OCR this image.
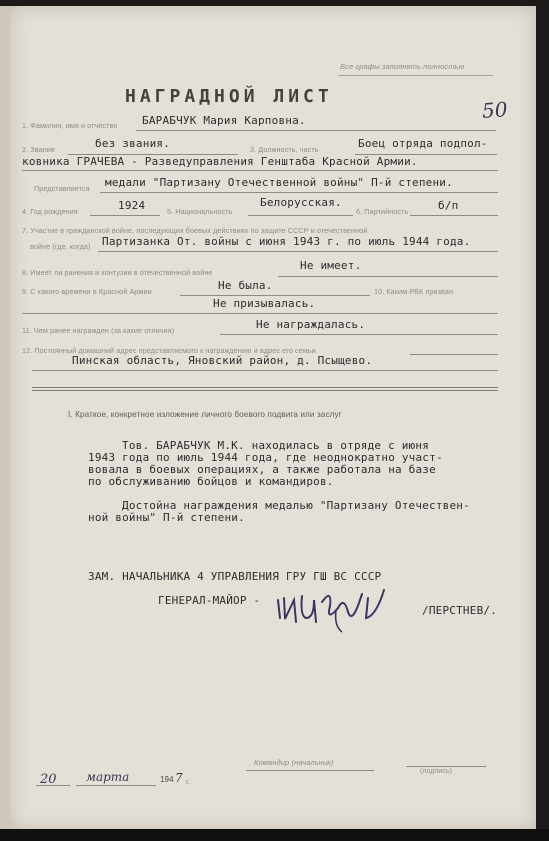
Все графы заполнять полностью
50
НАГРАДНОЙ ЛИСТ
1. Фамилия, имя и отчество БАРАБЧУК Мария Карповна.
2. Звание	без звания.	3. Должность, часть	Боец отряда подпол-
ковника ГРАЧЕВА - Разведуправления Генштаба Красной Армии.
Представляется медали "Партизану Отечественной войны" П-й степени.
4. Год рождения	1924	5. Национальность
Белорусская.
6. Партийность	б/п
7. Участие в гражданской войне, последующих боевых действиях по защите СССР и отечественной
войне (где, когда) Партизанка От. войны с июня 1943 г. по июль 1944 года.
8. Имеет ли ранения и контузии в отечественной войне
Не имеет.
9. С какого времени в Красной Армии	Не была.	10. Каким РВК призван
Не призывалась.
11. Чем ранее награжден (за какие отличия)	Не награждалась.
12. Постоянный домашний адрес представляемого к награждению и адрес его семьи
Пинская область, Яновский район, д. Псыщево.
I. Краткое, конкретное изложение личного боевого подвига или заслуг
Тов. БАРАБЧУК М.К. находилась в отряде с июня
1943 года по июль 1944 года, где неоднократно участ-
вовала в боевых операциях, а также работала на базе
по обслуживанию бойцов и командиров.
Достойна награждения медалью "Партизану Отечествен-
ной войны" П-й степени.
ЗАМ. НАЧАЛЬНИКА 4 УПРАВЛЕНИЯ ГРУ ГШ ВС СССР
ГЕНЕРАЛ-МАЙОР -
/ПЕРСТНЕВ/.
20 марта	194 7 г.
Командир (начальник)
(подпись)
